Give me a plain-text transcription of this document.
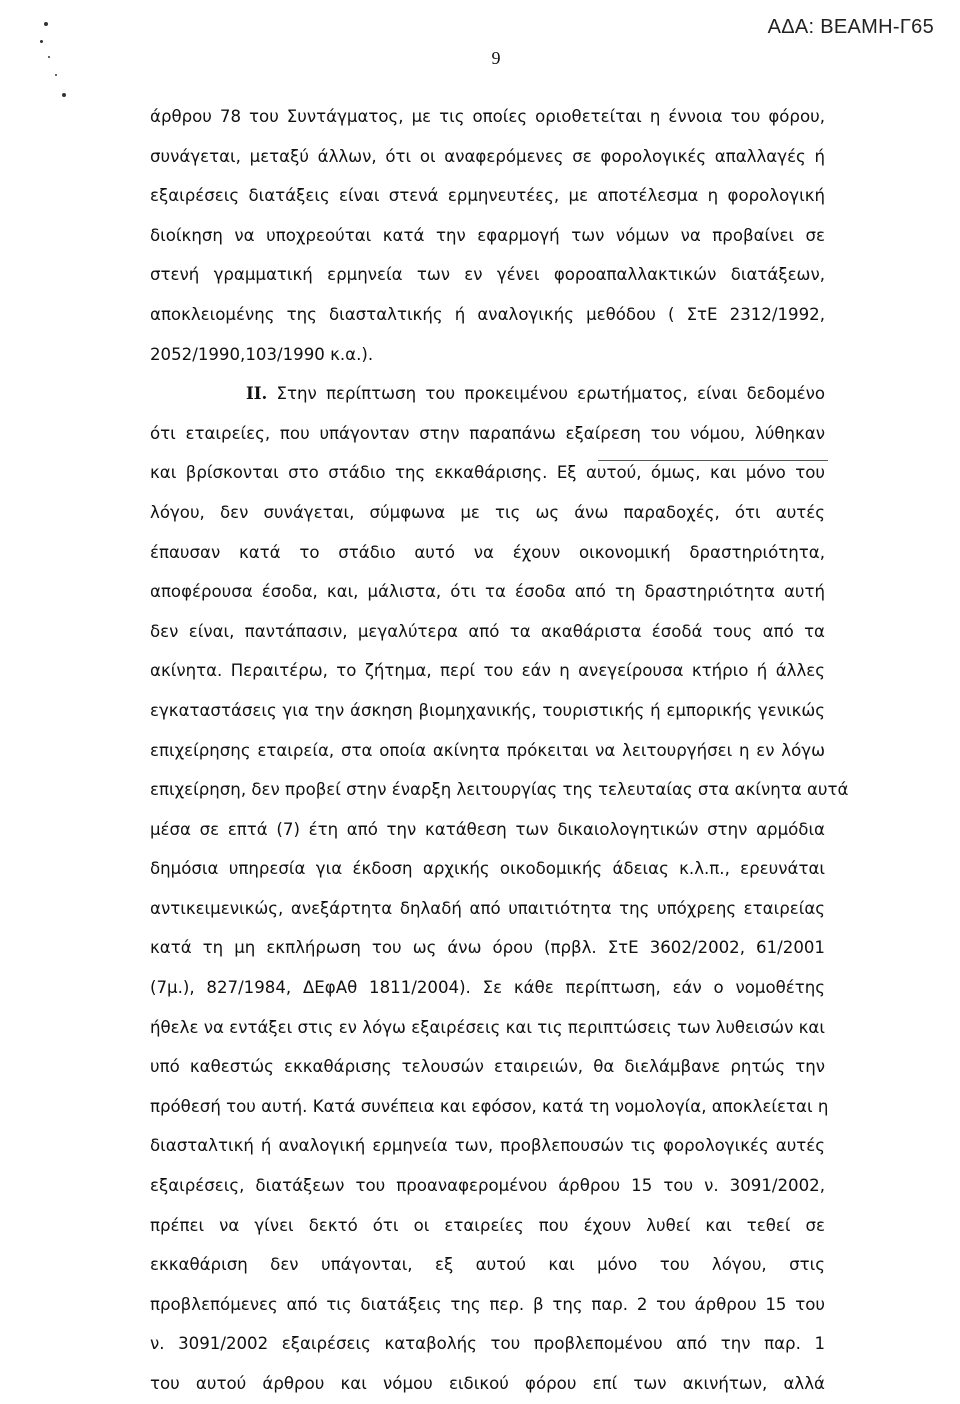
ΑΔΑ: ΒΕΑΜΗ-Γ65
9
άρθρου 78 του Συντάγματος, με τις οποίες οριοθετείται η έννοια του φόρου,
συνάγεται, μεταξύ άλλων, ότι οι αναφερόμενες σε φορολογικές απαλλαγές ή
εξαιρέσεις διατάξεις είναι στενά ερμηνευτέες, με αποτέλεσμα η φορολογική
διοίκηση να υποχρεούται κατά την εφαρμογή των νόμων να προβαίνει σε
στενή γραμματική ερμηνεία των εν γένει φοροαπαλλακτικών διατάξεων,
αποκλειομένης της διασταλτικής ή αναλογικής μεθόδου ( ΣτΕ 2312/1992,
2052/1990,103/1990 κ.α.).
II. Στην περίπτωση του προκειμένου ερωτήματος, είναι δεδομένο
ότι εταιρείες, που υπάγονταν στην παραπάνω εξαίρεση του νόμου, λύθηκαν
και βρίσκονται στο στάδιο της εκκαθάρισης. Εξ αυτού, όμως, και μόνο του
λόγου, δεν συνάγεται, σύμφωνα με τις ως άνω παραδοχές, ότι αυτές
έπαυσαν κατά το στάδιο αυτό να έχουν οικονομική δραστηριότητα,
αποφέρουσα έσοδα, και, μάλιστα, ότι τα έσοδα από τη δραστηριότητα αυτή
δεν είναι, παντάπασιν, μεγαλύτερα από τα ακαθάριστα έσοδά τους από τα
ακίνητα. Περαιτέρω, το ζήτημα, περί του εάν η ανεγείρουσα κτήριο ή άλλες
εγκαταστάσεις για την άσκηση βιομηχανικής, τουριστικής ή εμπορικής γενικώς
επιχείρησης εταιρεία, στα οποία ακίνητα πρόκειται να λειτουργήσει η εν λόγω
επιχείρηση, δεν προβεί στην έναρξη λειτουργίας της τελευταίας στα ακίνητα αυτά
μέσα σε επτά (7) έτη από την κατάθεση των δικαιολογητικών στην αρμόδια
δημόσια υπηρεσία για έκδοση αρχικής οικοδομικής άδειας κ.λ.π., ερευνάται
αντικειμενικώς, ανεξάρτητα δηλαδή από υπαιτιότητα της υπόχρεης εταιρείας
κατά τη μη εκπλήρωση του ως άνω όρου (πρβλ. ΣτΕ 3602/2002, 61/2001
(7μ.), 827/1984, ΔΕφΑθ 1811/2004). Σε κάθε περίπτωση, εάν ο νομοθέτης
ήθελε να εντάξει στις εν λόγω εξαιρέσεις και τις περιπτώσεις των λυθεισών και
υπό καθεστώς εκκαθάρισης τελουσών εταιρειών, θα διελάμβανε ρητώς την
πρόθεσή του αυτή. Κατά συνέπεια και εφόσον, κατά τη νομολογία, αποκλείεται η
διασταλτική ή αναλογική ερμηνεία των, προβλεπουσών τις φορολογικές αυτές
εξαιρέσεις, διατάξεων του προαναφερομένου άρθρου 15 του ν. 3091/2002,
πρέπει να γίνει δεκτό ότι οι εταιρείες που έχουν λυθεί και τεθεί σε
εκκαθάριση δεν υπάγονται, εξ αυτού και μόνο του λόγου, στις
προβλεπόμενες από τις διατάξεις της περ. β της παρ. 2 του άρθρου 15 του
ν. 3091/2002 εξαιρέσεις καταβολής του προβλεπομένου από την παρ. 1
του αυτού άρθρου και νόμου ειδικού φόρου επί των ακινήτων, αλλά
